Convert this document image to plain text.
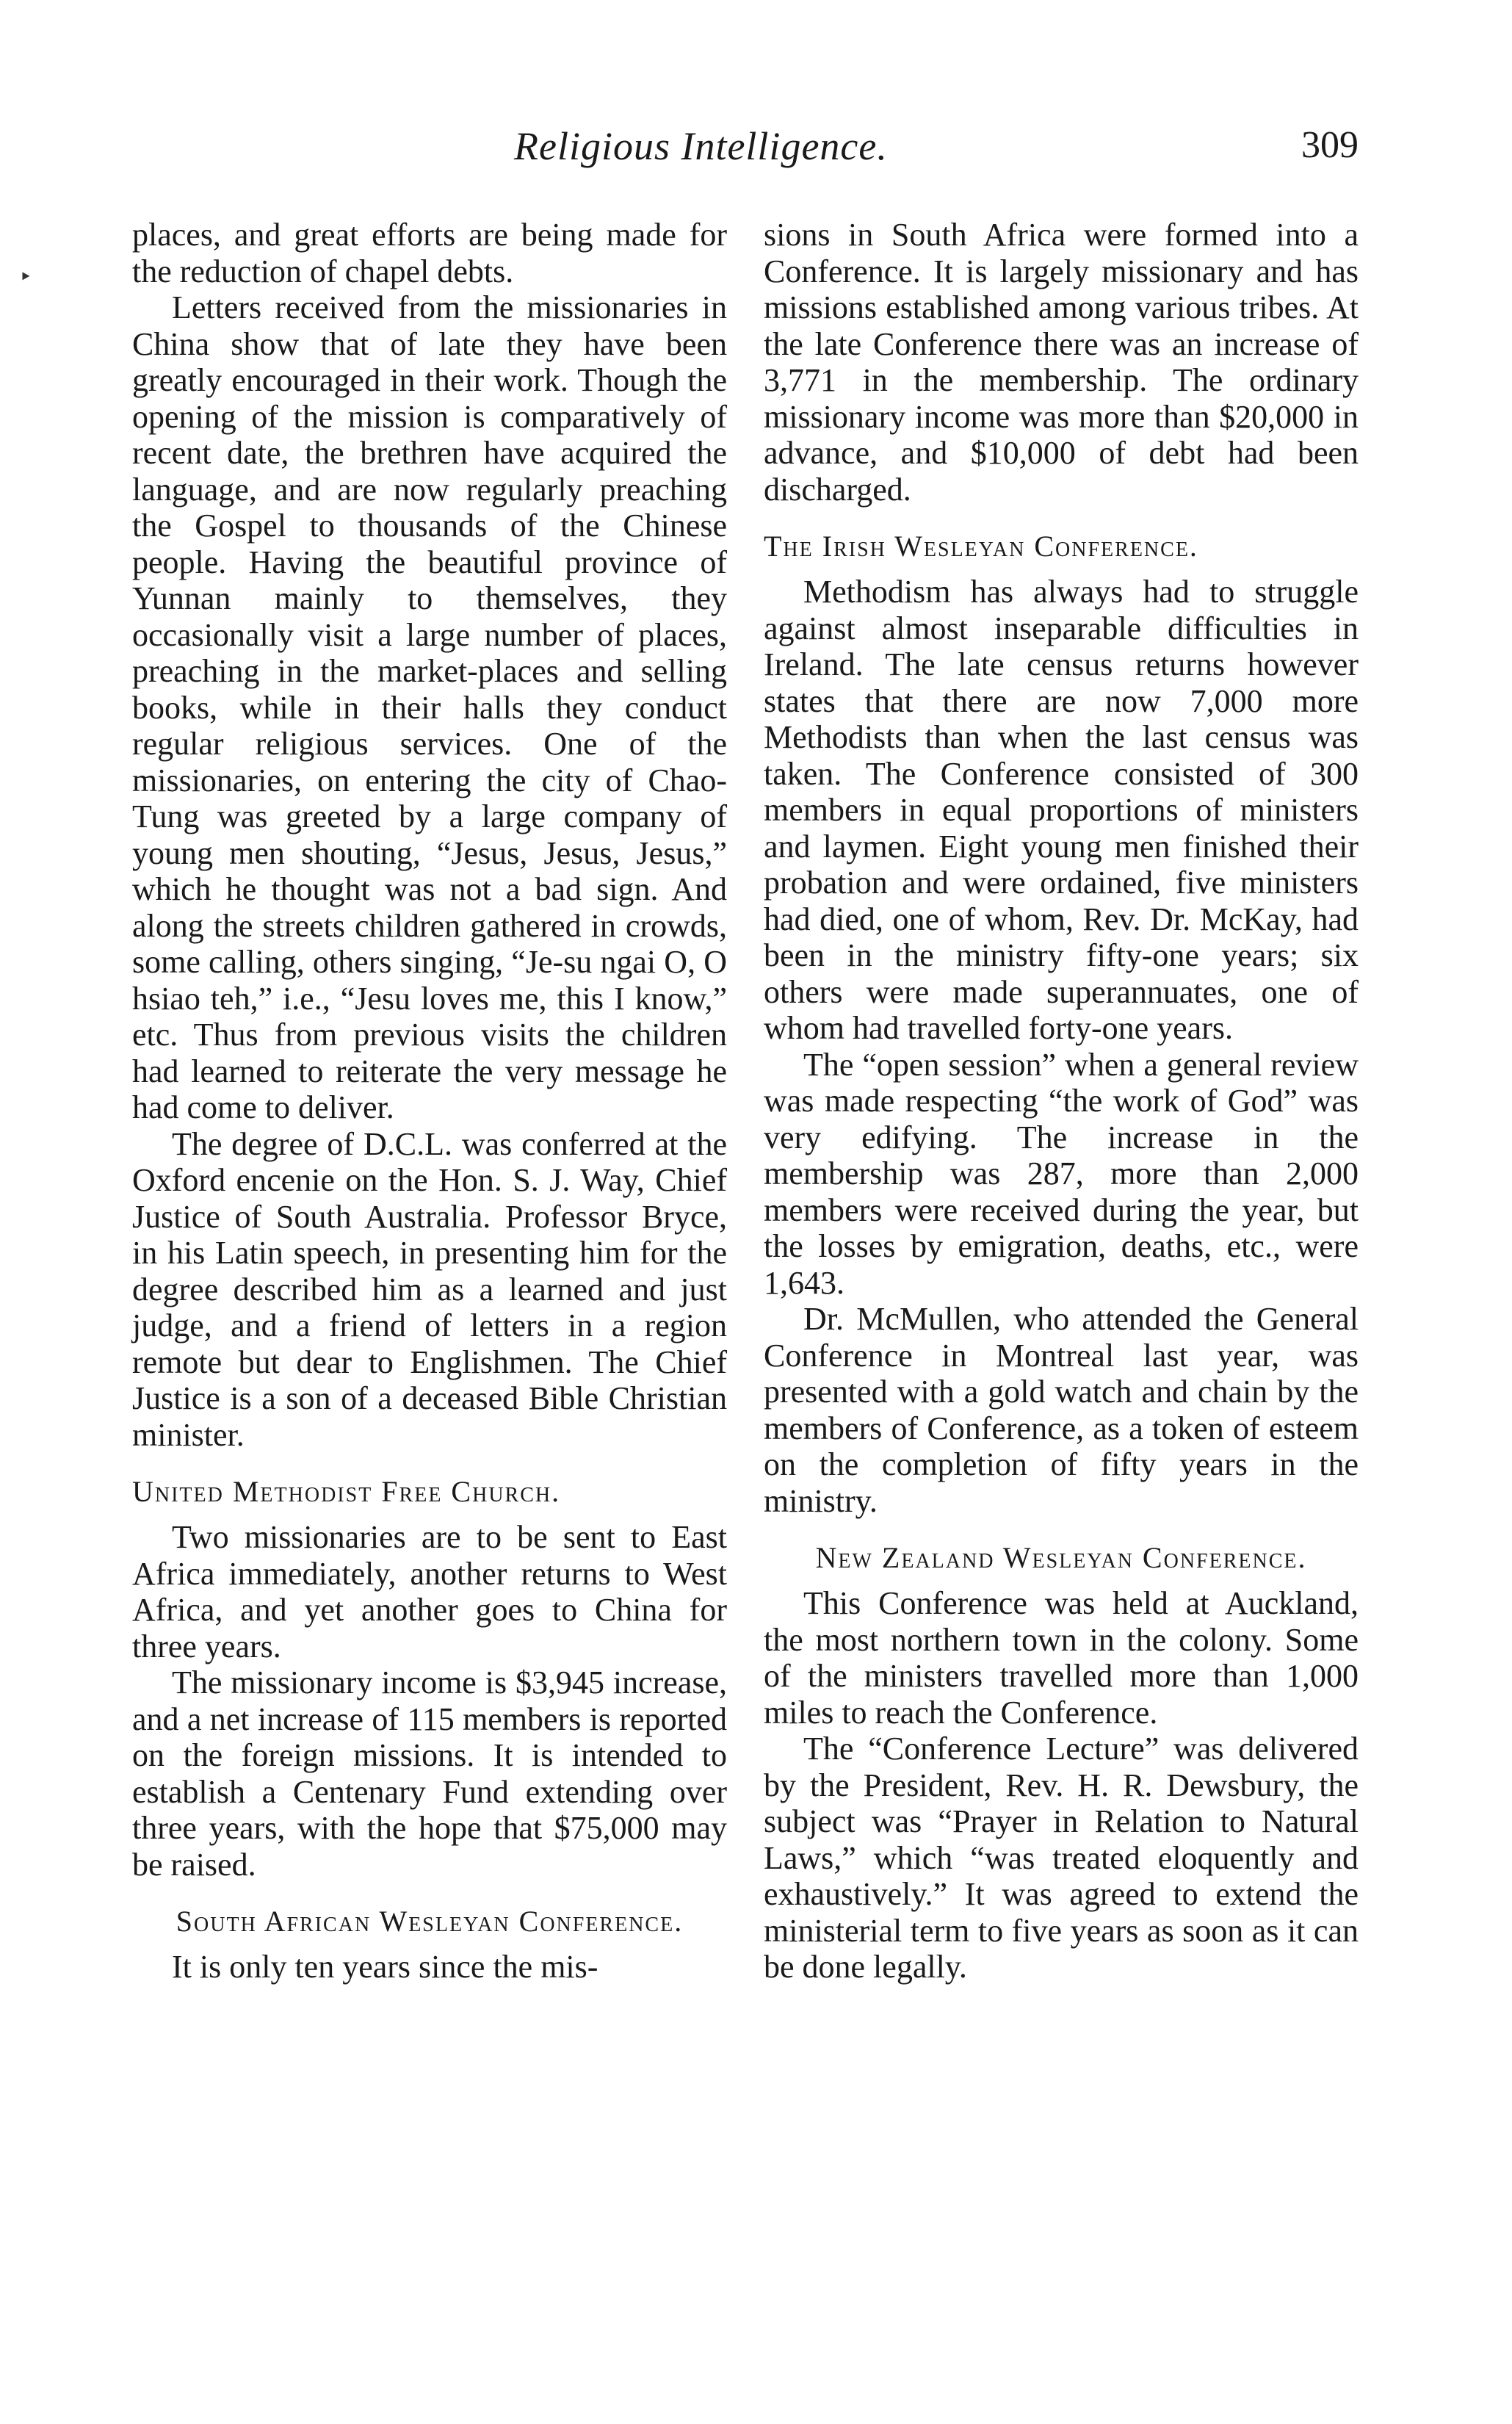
‣
Religious Intelligence.	309

places, and great efforts are being made for the reduction of chapel debts.

Letters received from the missionaries in China show that of late they have been greatly encouraged in their work. Though the opening of the mission is comparatively of recent date, the brethren have acquired the language, and are now regularly preaching the Gospel to thousands of the Chinese people. Having the beautiful province of Yunnan mainly to themselves, they occasionally visit a large number of places, preaching in the market-places and selling books, while in their halls they conduct regular religious services. One of the missionaries, on entering the city of Chao-Tung was greeted by a large company of young men shouting, “Jesus, Jesus, Jesus,” which he thought was not a bad sign. And along the streets children gathered in crowds, some calling, others singing, “Je-su ngai O, O hsiao teh,” i.e., “Jesu loves me, this I know,” etc. Thus from previous visits the children had learned to reiterate the very message he had come to deliver.

The degree of D.C.L. was conferred at the Oxford encenie on the Hon. S. J. Way, Chief Justice of South Australia. Professor Bryce, in his Latin speech, in presenting him for the degree described him as a learned and just judge, and a friend of letters in a region remote but dear to Englishmen. The Chief Justice is a son of a deceased Bible Christian minister.

United Methodist Free Church.

Two missionaries are to be sent to East Africa immediately, another returns to West Africa, and yet another goes to China for three years.

The missionary income is $3,945 increase, and a net increase of 115 members is reported on the foreign missions. It is intended to establish a Centenary Fund extending over three years, with the hope that $75,000 may be raised.

South African Wesleyan Conference.

It is only ten years since the mis-

sions in South Africa were formed into a Conference. It is largely missionary and has missions established among various tribes. At the late Conference there was an increase of 3,771 in the membership. The ordinary missionary income was more than $20,000 in advance, and $10,000 of debt had been discharged.

The Irish Wesleyan Conference.

Methodism has always had to struggle against almost inseparable difficulties in Ireland. The late census returns however states that there are now 7,000 more Methodists than when the last census was taken. The Conference consisted of 300 members in equal proportions of ministers and laymen. Eight young men finished their probation and were ordained, five ministers had died, one of whom, Rev. Dr. McKay, had been in the ministry fifty-one years; six others were made superannuates, one of whom had travelled forty-one years.

The “open session” when a general review was made respecting “the work of God” was very edifying. The increase in the membership was 287, more than 2,000 members were received during the year, but the losses by emigration, deaths, etc., were 1,643.

Dr. McMullen, who attended the General Conference in Montreal last year, was presented with a gold watch and chain by the members of Conference, as a token of esteem on the completion of fifty years in the ministry.

New Zealand Wesleyan Conference.

This Conference was held at Auckland, the most northern town in the colony. Some of the ministers travelled more than 1,000 miles to reach the Conference.

The “Conference Lecture” was delivered by the President, Rev. H. R. Dewsbury, the subject was “Prayer in Relation to Natural Laws,” which “was treated eloquently and exhaustively.” It was agreed to extend the ministerial term to five years as soon as it can be done legally.
